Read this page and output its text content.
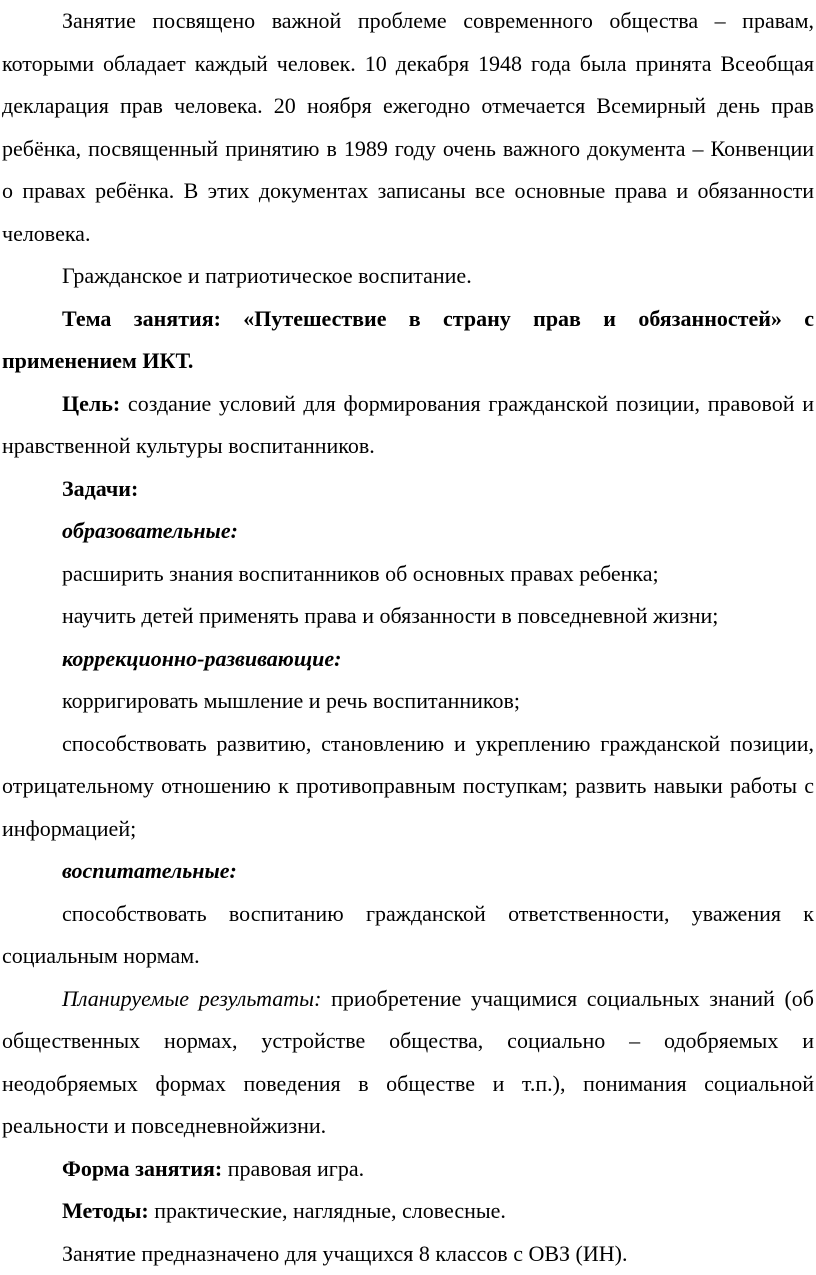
Занятие посвящено важной проблеме современного общества – правам, которыми обладает каждый человек. 10 декабря 1948 года была принята Всеобщая декларация прав человека. 20 ноября ежегодно отмечается Всемирный день прав ребёнка, посвященный принятию в 1989 году очень важного документа – Конвенции о правах ребёнка. В этих документах записаны все основные права и обязанности человека.

Гражданское и патриотическое воспитание.

Тема занятия: «Путешествие в страну прав и обязанностей» с применением ИКТ.

Цель: создание условий для формирования гражданской позиции, правовой и нравственной культуры воспитанников.

Задачи:

образовательные:

расширить знания воспитанников об основных правах ребенка;

научить детей применять права и обязанности в повседневной жизни;

коррекционно-развивающие:

корригировать мышление и речь воспитанников;

способствовать развитию, становлению и укреплению гражданской позиции, отрицательному отношению к противоправным поступкам; развить навыки работы с информацией;

воспитательные:

способствовать воспитанию гражданской ответственности, уважения к социальным нормам.

Планируемые результаты: приобретение учащимися социальных знаний (об общественных нормах, устройстве общества, социально – одобряемых и неодобряемых формах поведения в обществе и т.п.), понимания социальной реальности и повседневнойжизни.

Форма занятия: правовая игра.

Методы: практические, наглядные, словесные.

Занятие предназначено для учащихся 8 классов с ОВЗ (ИН).
